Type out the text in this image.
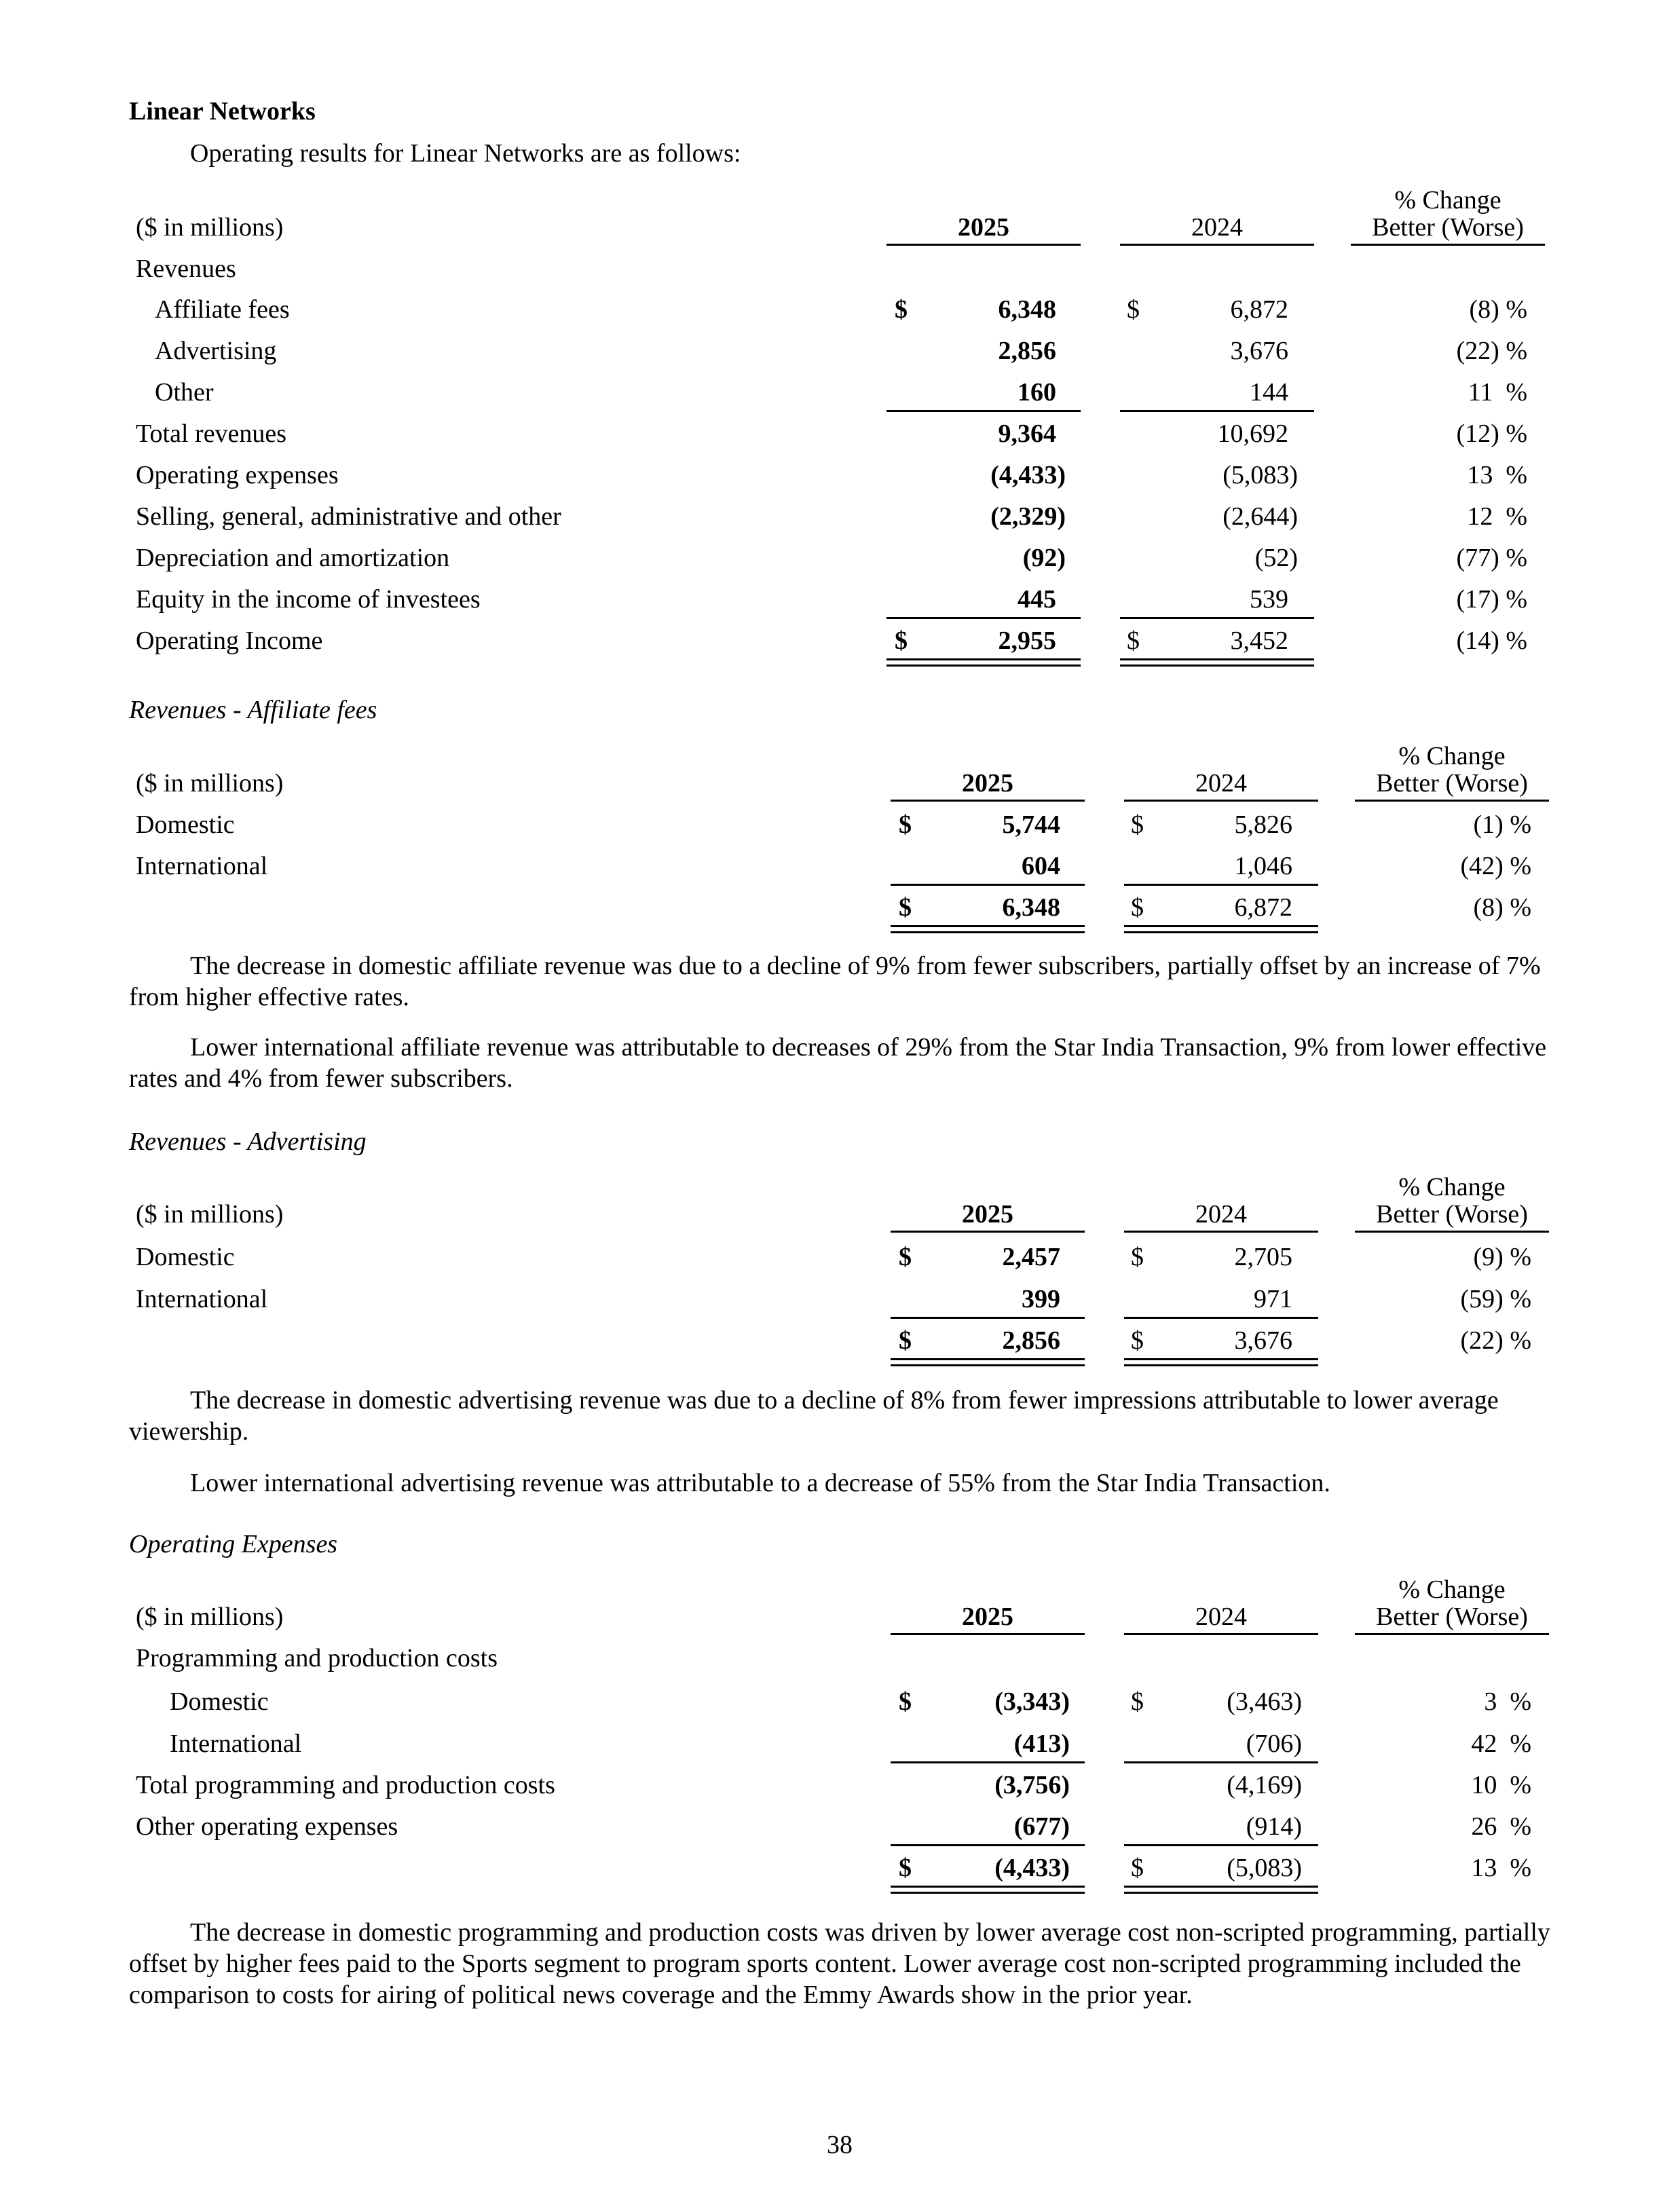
Linear Networks
Operating results for Linear Networks are as follows:
($ in millions)	2025	2024
% Change
Better (Worse)
Revenues
Affiliate fees	$	6,348	$	6,872	(8) %
Advertising	2,856	3,676	(22) %
Other	160	144	11  %
Total revenues	9,364	10,692	(12) %
Operating expenses	(4,433)	(5,083)	13  %
Selling, general, administrative and other	(2,329)	(2,644)	12  %
Depreciation and amortization	(92)	(52)	(77) %
Equity in the income of investees	445	539	(17) %
Operating Income	$	2,955	$	3,452	(14) %
Revenues - Affiliate fees
($ in millions)	2025	2024
% Change
Better (Worse)
Domestic	$	5,744	$	5,826	(1) %
International	604	1,046	(42) %
$	6,348	$	6,872	(8) %
The decrease in domestic affiliate revenue was due to a decline of 9% from fewer subscribers, partially offset by an increase of 7% from higher effective rates.
Lower international affiliate revenue was attributable to decreases of 29% from the Star India Transaction, 9% from lower effective rates and 4% from fewer subscribers.
Revenues - Advertising
($ in millions)	2025	2024
% Change
Better (Worse)
Domestic	$	2,457	$	2,705	(9) %
International	399	971	(59) %
$	2,856	$	3,676	(22) %
The decrease in domestic advertising revenue was due to a decline of 8% from fewer impressions attributable to lower average viewership.
Lower international advertising revenue was attributable to a decrease of 55% from the Star India Transaction.
Operating Expenses
($ in millions)	2025	2024
% Change
Better (Worse)
Programming and production costs
Domestic	$	(3,343) $	(3,463)	3  %
International	(413)	(706)	42  %
Total programming and production costs	(3,756)	(4,169)	10  %
Other operating expenses	(677)	(914)	26  %
$	(4,433) $	(5,083)	13  %
The decrease in domestic programming and production costs was driven by lower average cost non-scripted programming, partially offset by higher fees paid to the Sports segment to program sports content. Lower average cost non-scripted programming included the comparison to costs for airing of political news coverage and the Emmy Awards show in the prior year.
38
